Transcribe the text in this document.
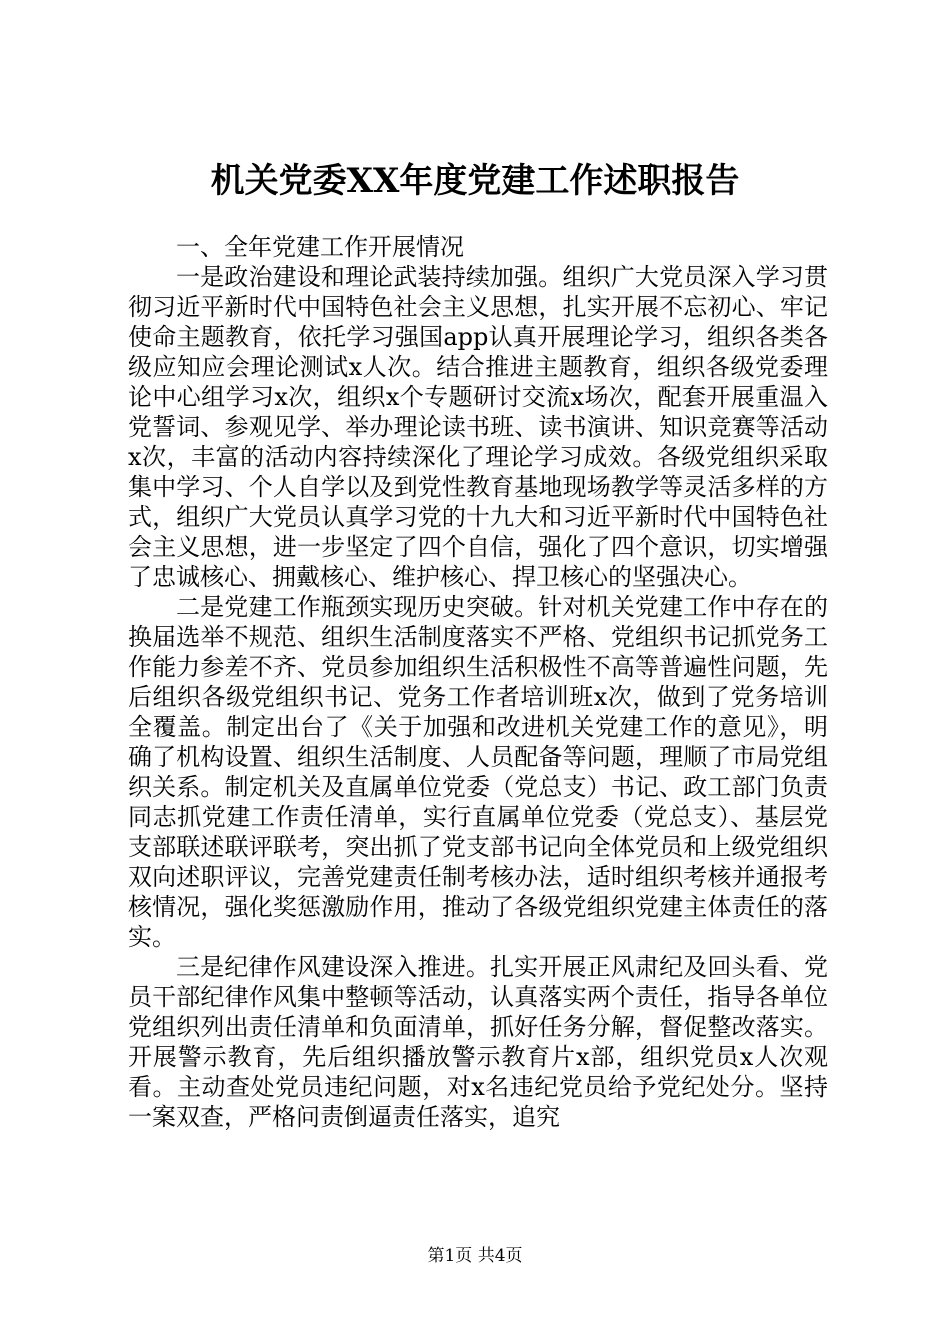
机关党委XX年度党建工作述职报告

一、全年党建工作开展情况

一是政治建设和理论武装持续加强。组织广大党员深入学习贯彻习近平新时代中国特色社会主义思想，扎实开展不忘初心、牢记使命主题教育，依托学习强国app认真开展理论学习，组织各类各级应知应会理论测试x人次。结合推进主题教育，组织各级党委理论中心组学习x次，组织x个专题研讨交流x场次，配套开展重温入党誓词、参观见学、举办理论读书班、读书演讲、知识竞赛等活动x次，丰富的活动内容持续深化了理论学习成效。各级党组织采取集中学习、个人自学以及到党性教育基地现场教学等灵活多样的方式，组织广大党员认真学习党的十九大和习近平新时代中国特色社会主义思想，进一步坚定了四个自信，强化了四个意识，切实增强了忠诚核心、拥戴核心、维护核心、捍卫核心的坚强决心。

二是党建工作瓶颈实现历史突破。针对机关党建工作中存在的换届选举不规范、组织生活制度落实不严格、党组织书记抓党务工作能力参差不齐、党员参加组织生活积极性不高等普遍性问题，先后组织各级党组织书记、党务工作者培训班x次，做到了党务培训全覆盖。制定出台了《关于加强和改进机关党建工作的意见》，明确了机构设置、组织生活制度、人员配备等问题，理顺了市局党组织关系。制定机关及直属单位党委（党总支）书记、政工部门负责同志抓党建工作责任清单，实行直属单位党委（党总支）、基层党支部联述联评联考，突出抓了党支部书记向全体党员和上级党组织双向述职评议，完善党建责任制考核办法，适时组织考核并通报考核情况，强化奖惩激励作用，推动了各级党组织党建主体责任的落实。

三是纪律作风建设深入推进。扎实开展正风肃纪及回头看、党员干部纪律作风集中整顿等活动，认真落实两个责任，指导各单位党组织列出责任清单和负面清单，抓好任务分解，督促整改落实。开展警示教育，先后组织播放警示教育片x部，组织党员x人次观看。主动查处党员违纪问题，对x名违纪党员给予党纪处分。坚持一案双查，严格问责倒逼责任落实，追究

第1页 共4页
